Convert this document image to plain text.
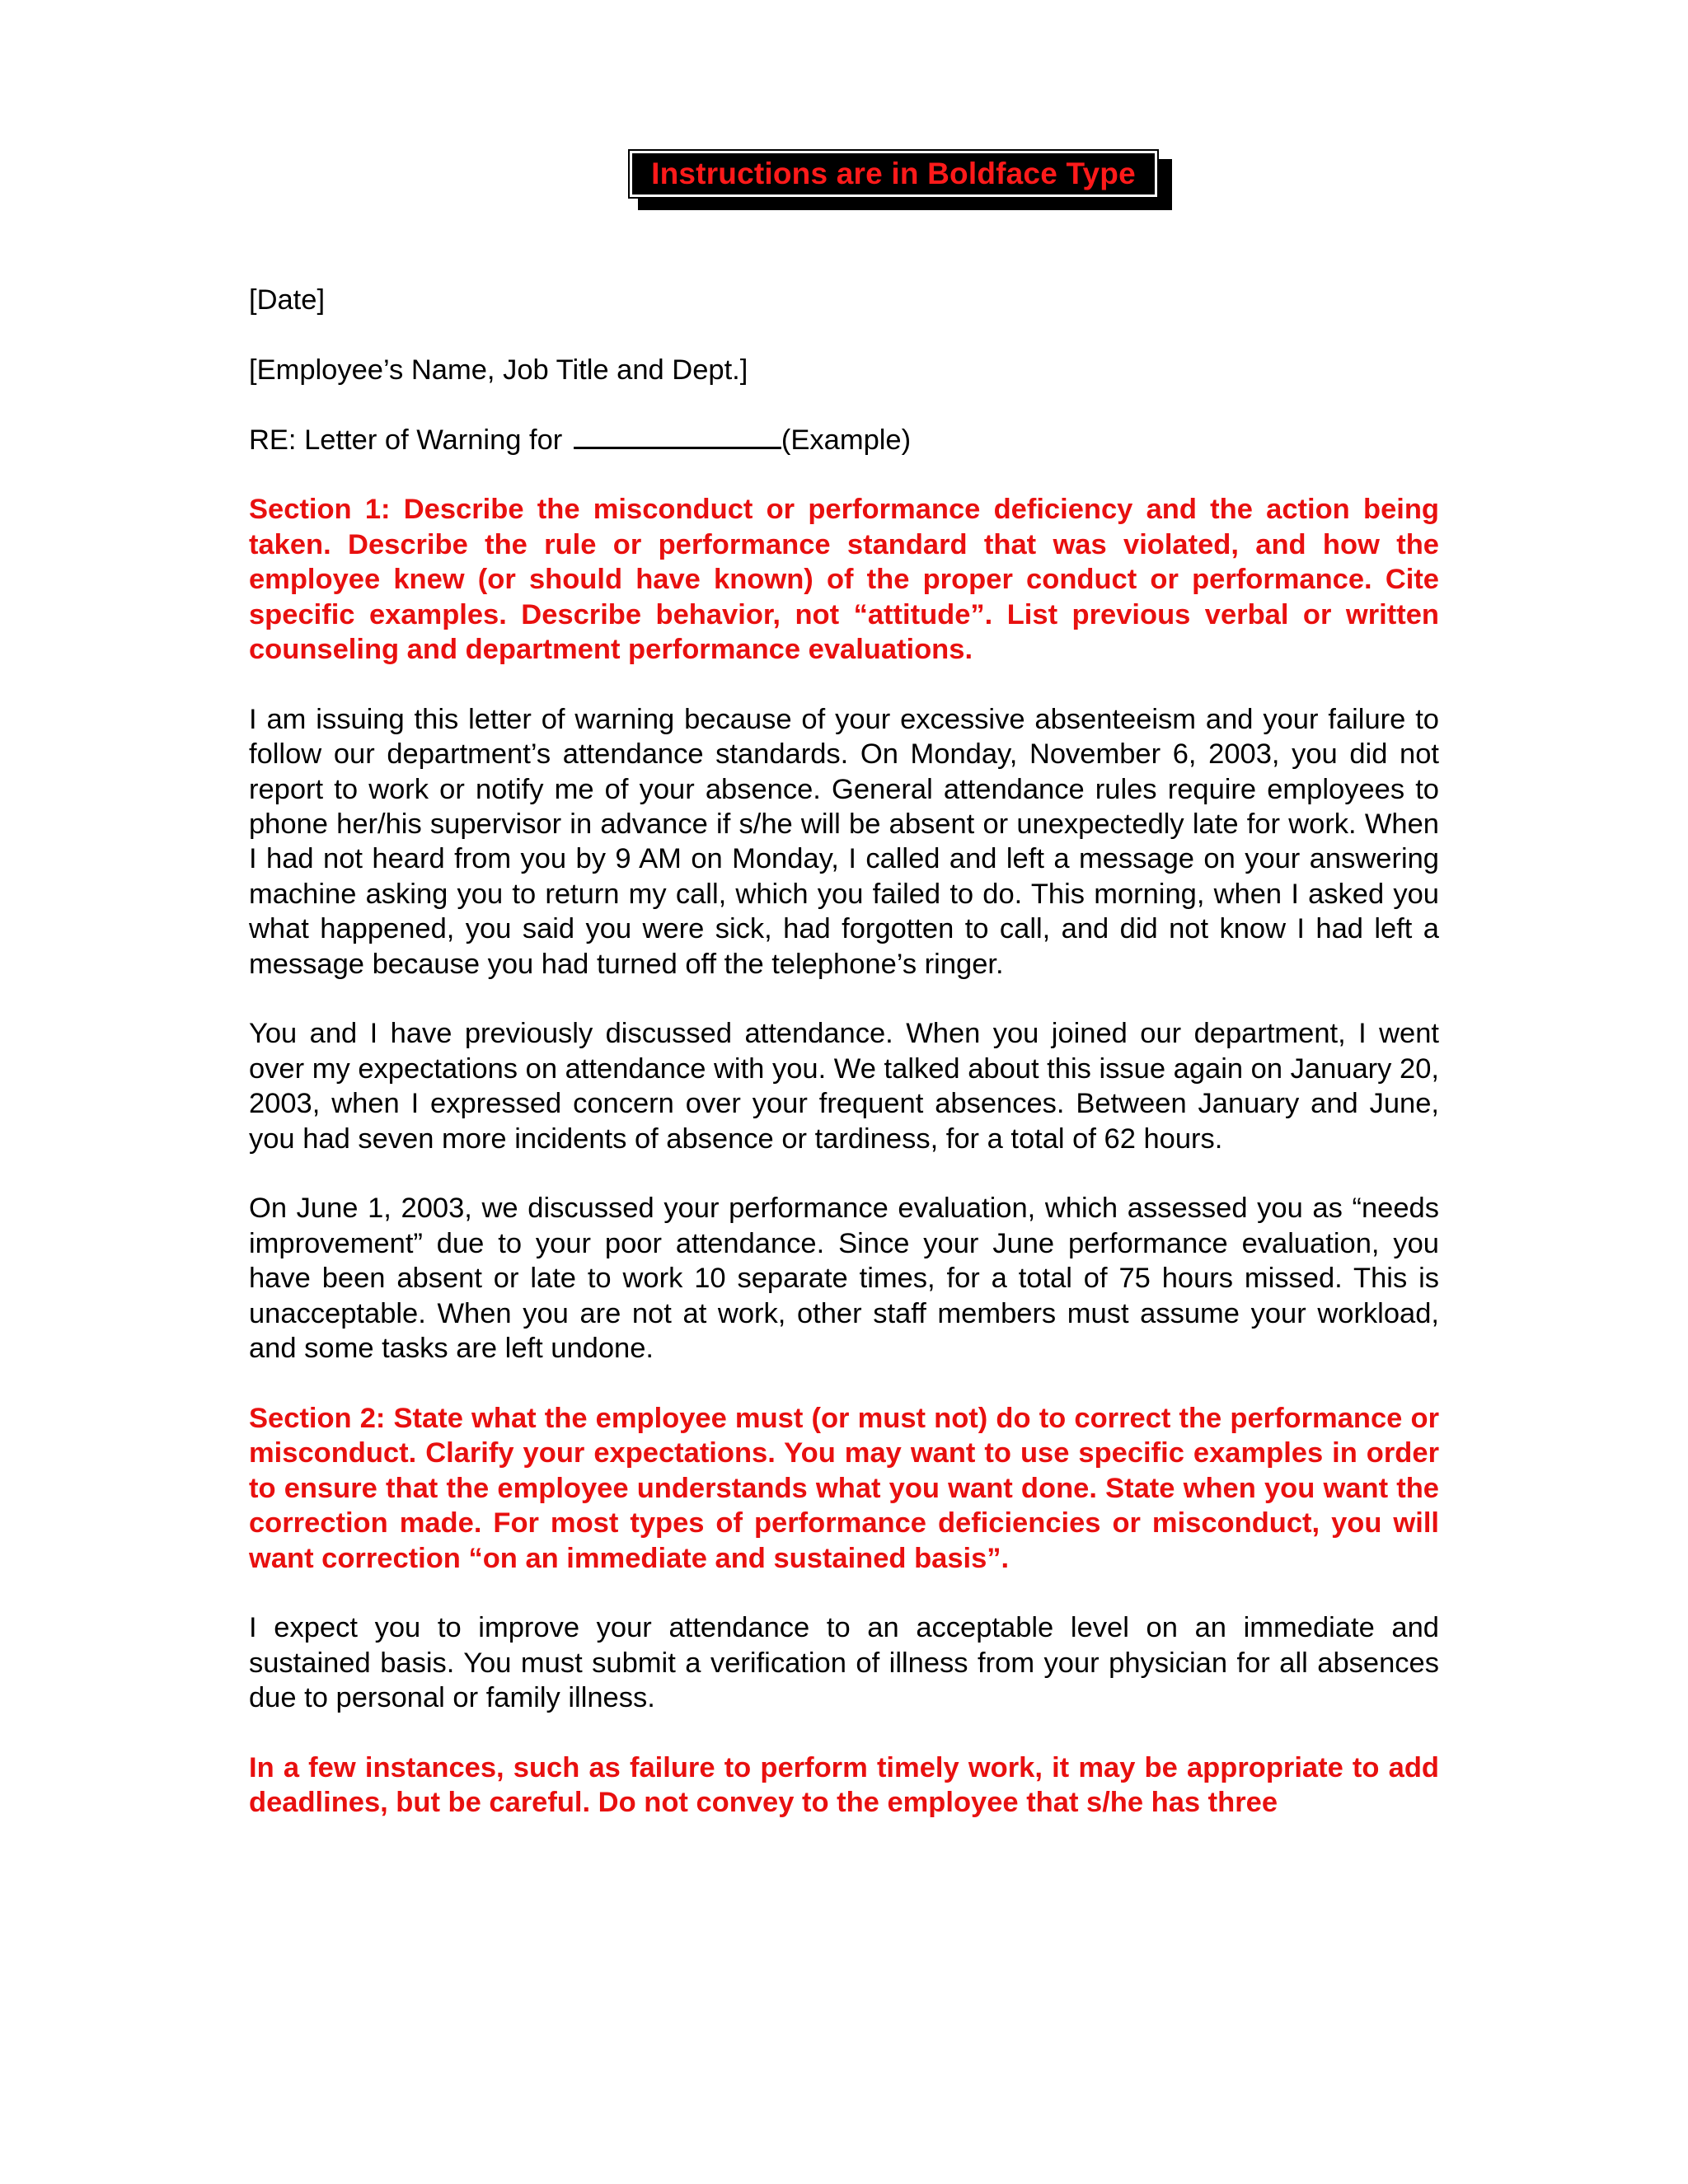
Instructions are in Boldface Type

[Date]

[Employee’s Name, Job Title and Dept.]

RE: Letter of Warning for	(Example)

Section 1: Describe the misconduct or performance deficiency and the action being taken. Describe the rule or performance standard that was violated, and how the employee knew (or should have known) of the proper conduct or performance. Cite specific examples. Describe behavior, not “attitude”. List previous verbal or written counseling and department performance evaluations.

I am issuing this letter of warning because of your excessive absenteeism and your failure to follow our department’s attendance standards. On Monday, November 6, 2003, you did not report to work or notify me of your absence. General attendance rules require employees to phone her/his supervisor in advance if s/he will be absent or unexpectedly late for work. When I had not heard from you by 9 AM on Monday, I called and left a message on your answering machine asking you to return my call, which you failed to do. This morning, when I asked you what happened, you said you were sick, had forgotten to call, and did not know I had left a message because you had turned off the telephone’s ringer.

You and I have previously discussed attendance. When you joined our department, I went over my expectations on attendance with you. We talked about this issue again on January 20, 2003, when I expressed concern over your frequent absences. Between January and June, you had seven more incidents of absence or tardiness, for a total of 62 hours.

On June 1, 2003, we discussed your performance evaluation, which assessed you as “needs improvement” due to your poor attendance. Since your June performance evaluation, you have been absent or late to work 10 separate times, for a total of 75 hours missed. This is unacceptable. When you are not at work, other staff members must assume your workload, and some tasks are left undone.

Section 2: State what the employee must (or must not) do to correct the performance or misconduct. Clarify your expectations. You may want to use specific examples in order to ensure that the employee understands what you want done. State when you want the correction made. For most types of performance deficiencies or misconduct, you will want correction “on an immediate and sustained basis”.

I expect you to improve your attendance to an acceptable level on an immediate and sustained basis. You must submit a verification of illness from your physician for all absences due to personal or family illness.

In a few instances, such as failure to perform timely work, it may be appropriate to add deadlines, but be careful. Do not convey to the employee that s/he has three
